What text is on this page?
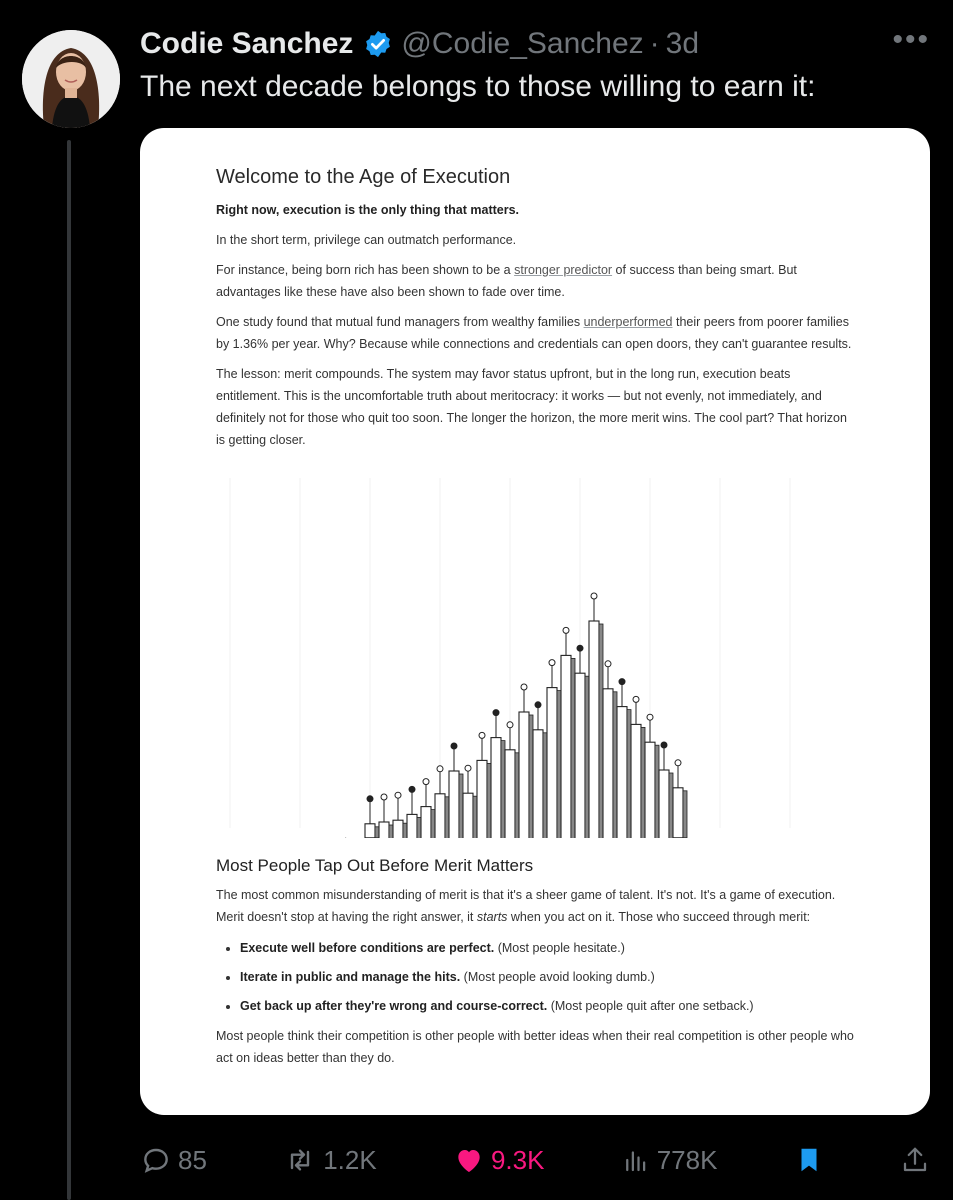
Codie Sanchez @Codie_Sanchez · 3d	•••
The next decade belongs to those willing to earn it:
Welcome to the Age of Execution

Right now, execution is the only thing that matters.

In the short term, privilege can outmatch performance.

For instance, being born rich has been shown to be a stronger predictor of success than being smart. But advantages like these have also been shown to fade over time.

One study found that mutual fund managers from wealthy families underperformed their peers from poorer families by 1.36% per year. Why? Because while connections and credentials can open doors, they can't guarantee results.

The lesson: merit compounds. The system may favor status upfront, but in the long run, execution beats entitlement. This is the uncomfortable truth about meritocracy: it works — but not evenly, not immediately, and definitely not for those who quit too soon. The longer the horizon, the more merit wins. The cool part? That horizon is getting closer.

Most People Tap Out Before Merit Matters

The most common misunderstanding of merit is that it's a sheer game of talent. It's not. It's a game of execution. Merit doesn't stop at having the right answer, it starts when you act on it. Those who succeed through merit:

• Execute well before conditions are perfect. (Most people hesitate.)
• Iterate in public and manage the hits. (Most people avoid looking dumb.)
• Get back up after they're wrong and course-correct. (Most people quit after one setback.)

Most people think their competition is other people with better ideas when their real competition is other people who act on ideas better than they do.

85	1.2K	9.3K	778K
